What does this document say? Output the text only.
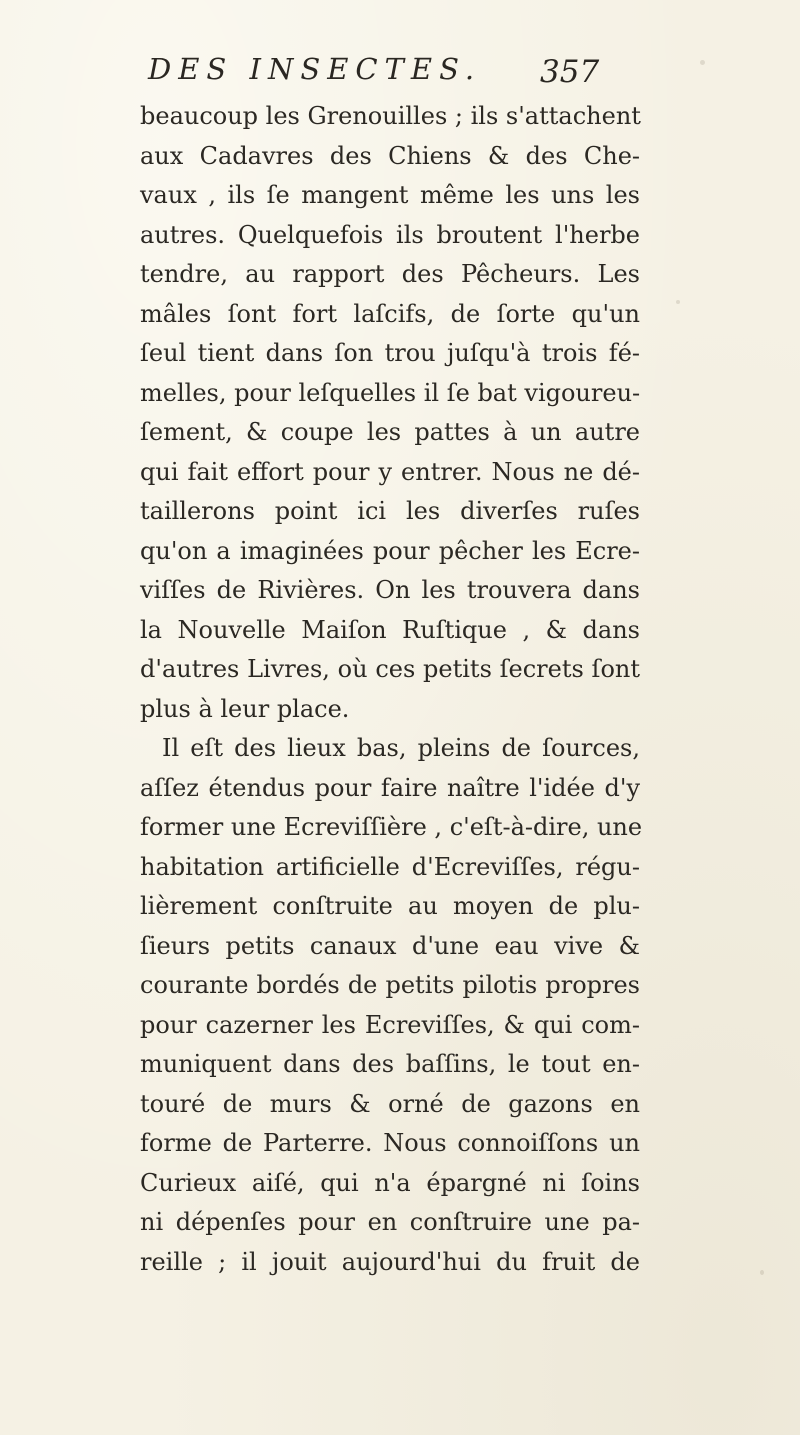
DES INSECTES. 357
beaucoup les Grenouilles ; ils s'attachent
aux Cadavres des Chiens & des Che-
vaux , ils ſe mangent même les uns les
autres. Quelquefois ils broutent l'herbe
tendre, au rapport des Pêcheurs. Les
mâles ſont fort laſcifs, de ſorte qu'un
ſeul tient dans ſon trou juſqu'à trois fé-
melles, pour leſquelles il ſe bat vigoureu-
ſement, & coupe les pattes à un autre
qui fait effort pour y entrer. Nous ne dé-
taillerons point ici les diverſes ruſes
qu'on a imaginées pour pêcher les Ecre-
viſſes de Rivières. On les trouvera dans
la Nouvelle Maiſon Ruſtique , & dans
d'autres Livres, où ces petits ſecrets ſont
plus à leur place.
Il eſt des lieux bas, pleins de ſources,
aſſez étendus pour faire naître l'idée d'y
former une Ecreviſſière , c'eſt-à-dire, une
habitation artificielle d'Ecreviſſes, régu-
lièrement conſtruite au moyen de plu-
ſieurs petits canaux d'une eau vive &
courante bordés de petits pilotis propres
pour cazerner les Ecreviſſes, & qui com-
muniquent dans des baſſins, le tout en-
touré de murs & orné de gazons en
forme de Parterre. Nous connoiſſons un
Curieux aiſé, qui n'a épargné ni ſoins
ni dépenſes pour en conſtruire une pa-
reille ; il jouit aujourd'hui du fruit de
